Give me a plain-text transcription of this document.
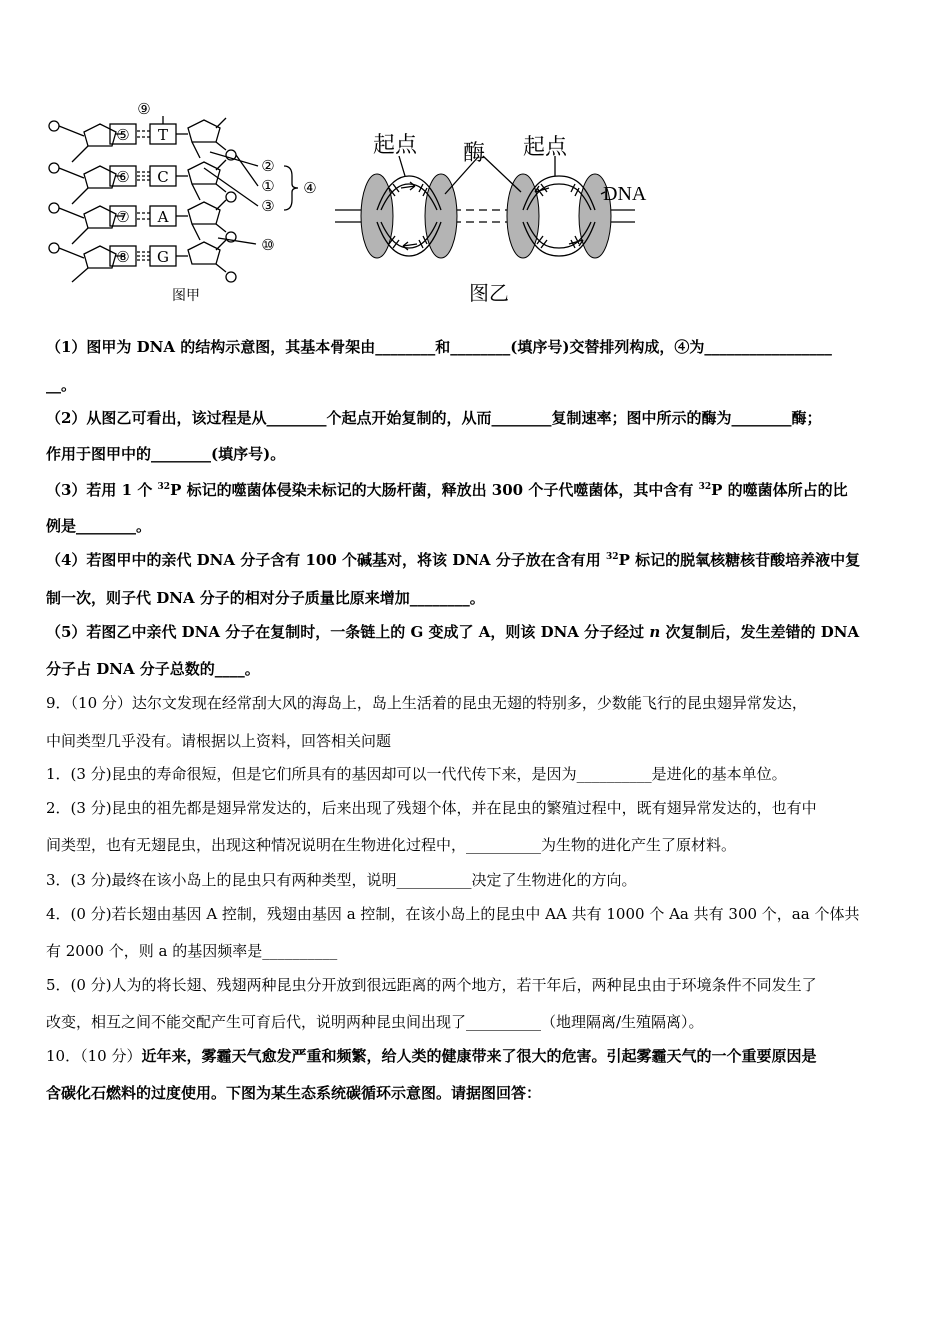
⑤
⑥
⑦
⑧
T
C
A
G
⑨
②
①
③
④
⑩
图甲
起点	起点
酶
DNA
图乙
（1）图甲为 DNA 的结构示意图，其基本骨架由________和________(填序号)交替排列构成，④为_________________
__。
（2）从图乙可看出，该过程是从________个起点开始复制的，从而________复制速率；图中所示的酶为________酶；
作用于图甲中的________(填序号)。
（3）若用 1 个 $^{32}$P 标记的噬菌体侵染未标记的大肠杆菌，释放出 300 个子代噬菌体，其中含有 $^{32}$P 的噬菌体所占的比
例是________。
（4）若图甲中的亲代 DNA 分子含有 100 个碱基对，将该 DNA 分子放在含有用 $^{32}$P 标记的脱氧核糖核苷酸培养液中复
制一次，则子代 DNA 分子的相对分子质量比原来增加________。
（5）若图乙中亲代 DNA 分子在复制时，一条链上的 G 变成了 A，则该 DNA 分子经过 n 次复制后，发生差错的 DNA
分子占 DNA 分子总数的____。
9．（10 分）达尔文发现在经常刮大风的海岛上，岛上生活着的昆虫无翅的特别多，少数能飞行的昆虫翅异常发达，
中间类型几乎没有。请根据以上资料，回答相关问题
1．(3 分)昆虫的寿命很短，但是它们所具有的基因却可以一代代传下来，是因为__________是进化的基本单位。
2．(3 分)昆虫的祖先都是翅异常发达的，后来出现了残翅个体，并在昆虫的繁殖过程中，既有翅异常发达的，也有中
间类型，也有无翅昆虫，出现这种情况说明在生物进化过程中，__________为生物的进化产生了原材料。
3．(3 分)最终在该小岛上的昆虫只有两种类型，说明__________决定了生物进化的方向。
4．(0 分)若长翅由基因 A 控制，残翅由基因 a 控制，在该小岛上的昆虫中 AA 共有 1000 个 Aa 共有 300 个，aa 个体共
有 2000 个，则 a 的基因频率是__________
5．(0 分)人为的将长翅、残翅两种昆虫分开放到很远距离的两个地方，若干年后，两种昆虫由于环境条件不同发生了
改变，相互之间不能交配产生可育后代，说明两种昆虫间出现了__________（地理隔离/生殖隔离）。
10．（10 分）近年来，雾霾天气愈发严重和频繁，给人类的健康带来了很大的危害。引起雾霾天气的一个重要原因是
含碳化石燃料的过度使用。下图为某生态系统碳循环示意图。请据图回答：
